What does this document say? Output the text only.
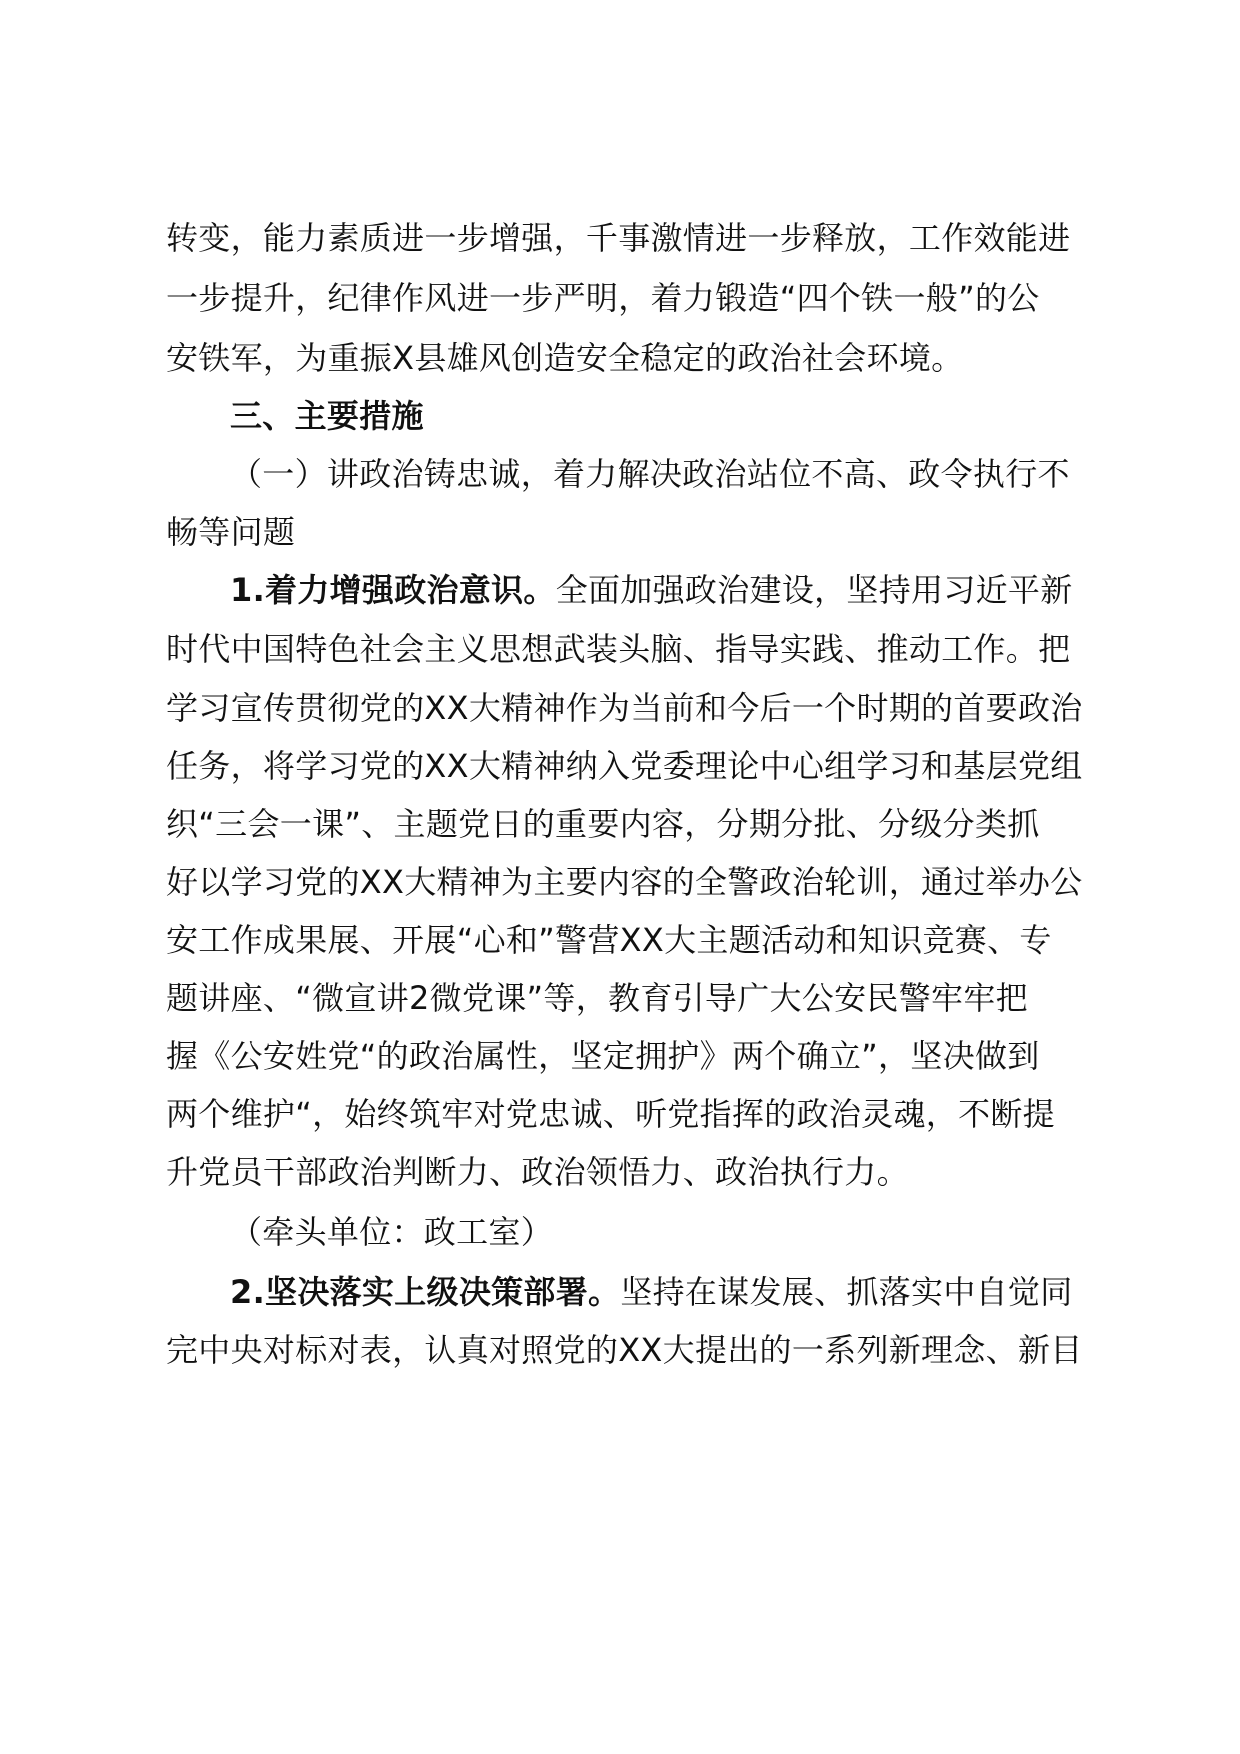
转变，能力素质进一步增强，千事激情进一步释放，工作效能进
一步提升，纪律作风进一步严明，着力锻造“四个铁一般”的公
安铁军，为重振X县雄风创造安全稳定的政治社会环境。
三、主要措施
（一）讲政治铸忠诚，着力解决政治站位不高、政令执行不
畅等问题
1.着力增强政治意识。全面加强政治建设，坚持用习近平新
时代中国特色社会主义思想武装头脑、指导实践、推动工作。把
学习宣传贯彻党的XX大精神作为当前和今后一个时期的首要政治
任务，将学习党的XX大精神纳入党委理论中心组学习和基层党组
织“三会一课”、主题党日的重要内容，分期分批、分级分类抓
好以学习党的XX大精神为主要内容的全警政治轮训，通过举办公
安工作成果展、开展“心和”警营XX大主题活动和知识竞赛、专
题讲座、“微宣讲2微党课”等，教育引导广大公安民警牢牢把
握《公安姓党“的政治属性，坚定拥护》两个确立”，坚决做到
两个维护“，始终筑牢对党忠诚、听党指挥的政治灵魂，不断提
升党员干部政治判断力、政治领悟力、政治执行力。
（牵头单位：政工室）
2.坚决落实上级决策部署。坚持在谋发展、抓落实中自觉同
完中央对标对表，认真对照党的XX大提出的一系列新理念、新目
